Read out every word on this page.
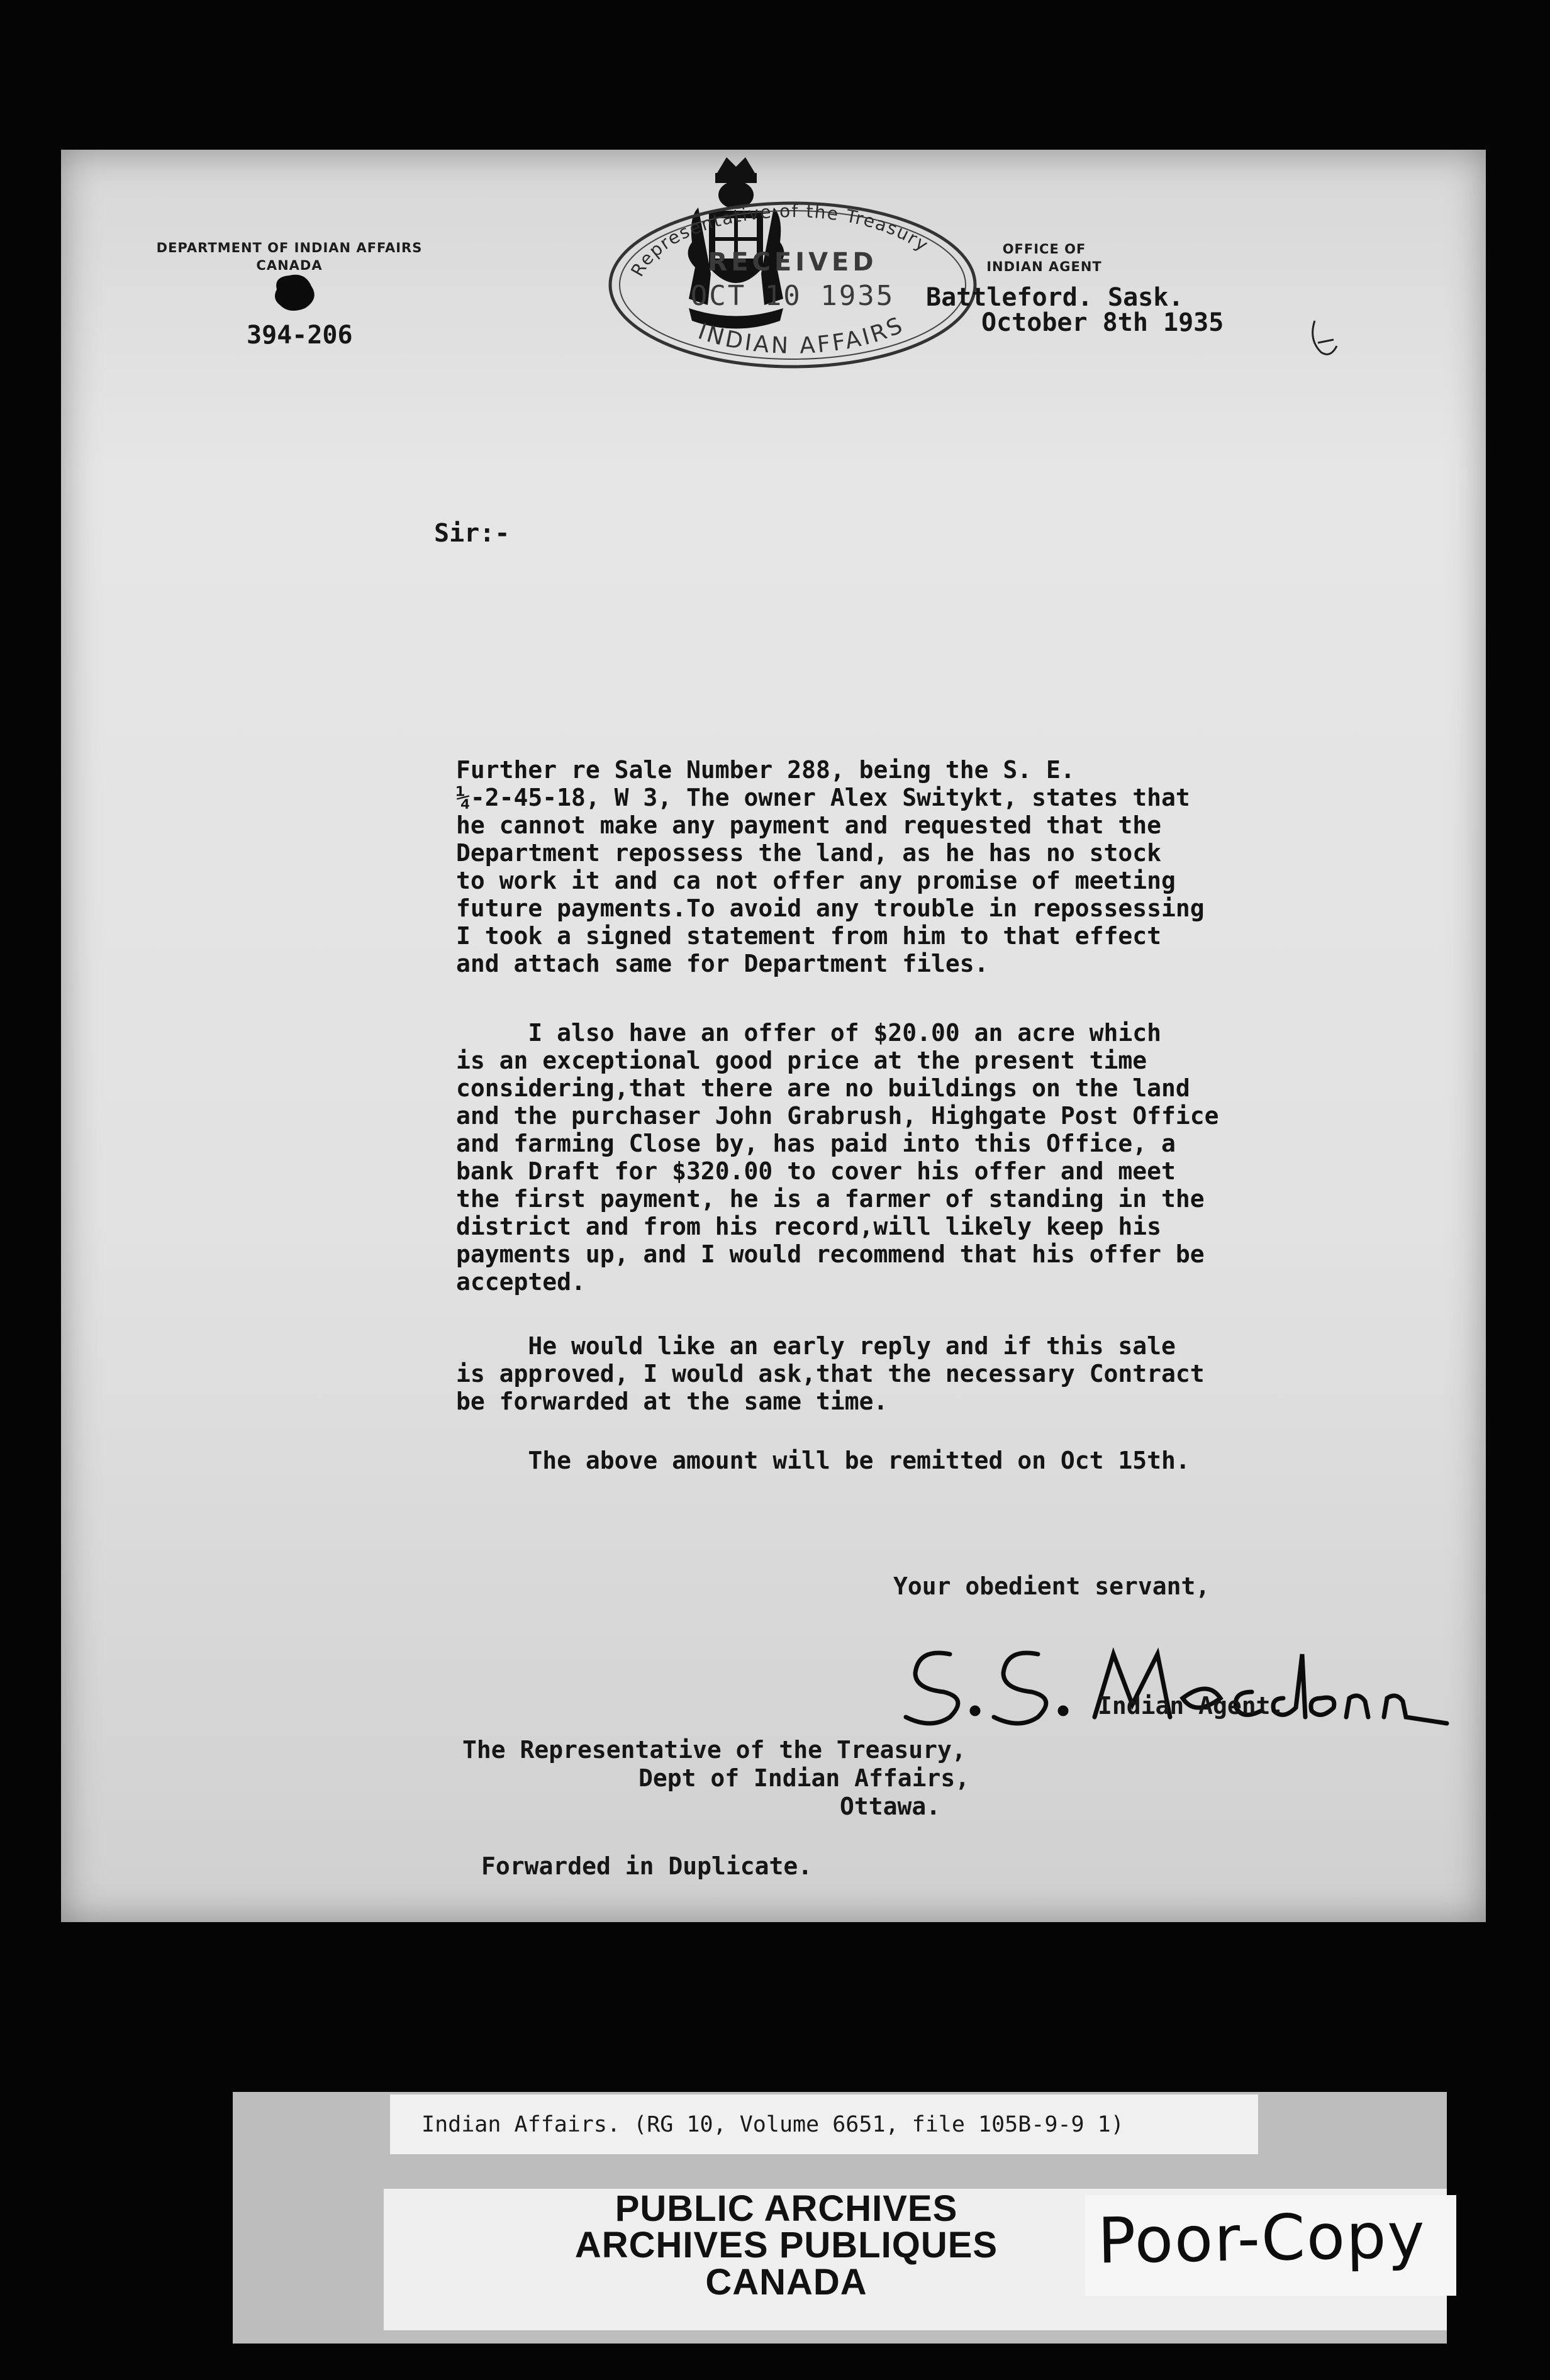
DEPARTMENT OF INDIAN AFFAIRS
CANADA
OFFICE OF
INDIAN AGENT
Representative of the Treasury
RECEIVED
OCT 10 1935
INDIAN AFFAIRS
394-206
Battleford. Sask.
October 8th 1935
Sir:-
Further re Sale Number 288, being the S. E.
¼-2-45-18, W 3, The owner Alex Switykt, states that
he cannot make any payment and requested that the
Department repossess the land, as he has no stock
to work it and ca not offer any promise of meeting
future payments.To avoid any trouble in repossessing
I took a signed statement from him to that effect
and attach same for Department files.
I also have an offer of $20.00 an acre which
is an exceptional good price at the present time
considering,that there are no buildings on the land
and the purchaser John Grabrush, Highgate Post Office
and farming Close by, has paid into this Office, a
bank Draft for $320.00 to cover his offer and meet
the first payment, he is a farmer of standing in the
district and from his record,will likely keep his
payments up, and I would recommend that his offer be
accepted.
He would like an early reply and if this sale
is approved, I would ask,that the necessary Contract
be forwarded at the same time.
The above amount will be remitted on Oct 15th.
Your obedient servant,
Indian Agent.
The Representative of the Treasury,
Dept of Indian Affairs,
Ottawa.
Forwarded in Duplicate.
Indian Affairs. (RG 10, Volume 6651, file 105B-9-9 1)
PUBLIC ARCHIVES
ARCHIVES PUBLIQUES
CANADA
Poor-Copy
